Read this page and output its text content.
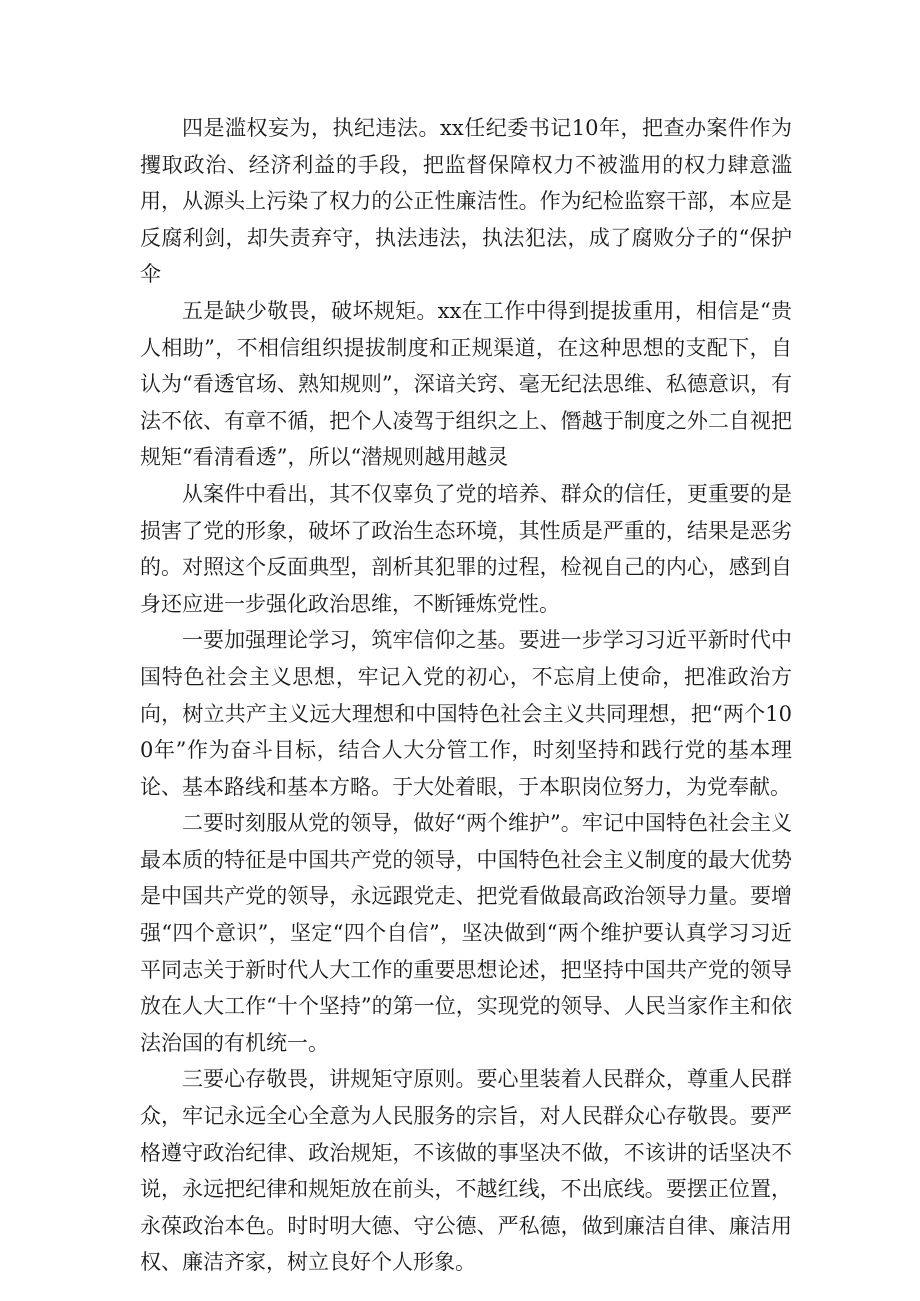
四是滥权妄为，执纪违法。xx任纪委书记10年，把查办案件作为攫取政治、经济利益的手段，把监督保障权力不被滥用的权力肆意滥用，从源头上污染了权力的公正性廉洁性。作为纪检监察干部，本应是反腐利剑，却失责弃守，执法违法，执法犯法，成了腐败分子的“保护伞

五是缺少敬畏，破坏规矩。xx在工作中得到提拔重用，相信是“贵人相助”，不相信组织提拔制度和正规渠道，在这种思想的支配下，自认为“看透官场、熟知规则”，深谙关窍、毫无纪法思维、私德意识，有法不依、有章不循，把个人凌驾于组织之上、僭越于制度之外二自视把规矩“看清看透”，所以“潜规则越用越灵

从案件中看出，其不仅辜负了党的培养、群众的信任，更重要的是损害了党的形象，破坏了政治生态环境，其性质是严重的，结果是恶劣的。对照这个反面典型，剖析其犯罪的过程，检视自己的内心，感到自身还应进一步强化政治思维，不断锤炼党性。

一要加强理论学习，筑牢信仰之基。要进一步学习习近平新时代中国特色社会主义思想，牢记入党的初心，不忘肩上使命，把准政治方向，树立共产主义远大理想和中国特色社会主义共同理想，把“两个100年”作为奋斗目标，结合人大分管工作，时刻坚持和践行党的基本理论、基本路线和基本方略。于大处着眼，于本职岗位努力，为党奉献。

二要时刻服从党的领导，做好“两个维护”。牢记中国特色社会主义最本质的特征是中国共产党的领导，中国特色社会主义制度的最大优势是中国共产党的领导，永远跟党走、把党看做最高政治领导力量。要增强“四个意识”，坚定“四个自信”，坚决做到“两个维护要认真学习习近平同志关于新时代人大工作的重要思想论述，把坚持中国共产党的领导放在人大工作“十个坚持”的第一位，实现党的领导、人民当家作主和依法治国的有机统一。

三要心存敬畏，讲规矩守原则。要心里装着人民群众，尊重人民群众，牢记永远全心全意为人民服务的宗旨，对人民群众心存敬畏。要严格遵守政治纪律、政治规矩，不该做的事坚决不做，不该讲的话坚决不说，永远把纪律和规矩放在前头，不越红线，不出底线。要摆正位置，永葆政治本色。时时明大德、守公德、严私德，做到廉洁自律、廉洁用权、廉洁齐家，树立良好个人形象。
